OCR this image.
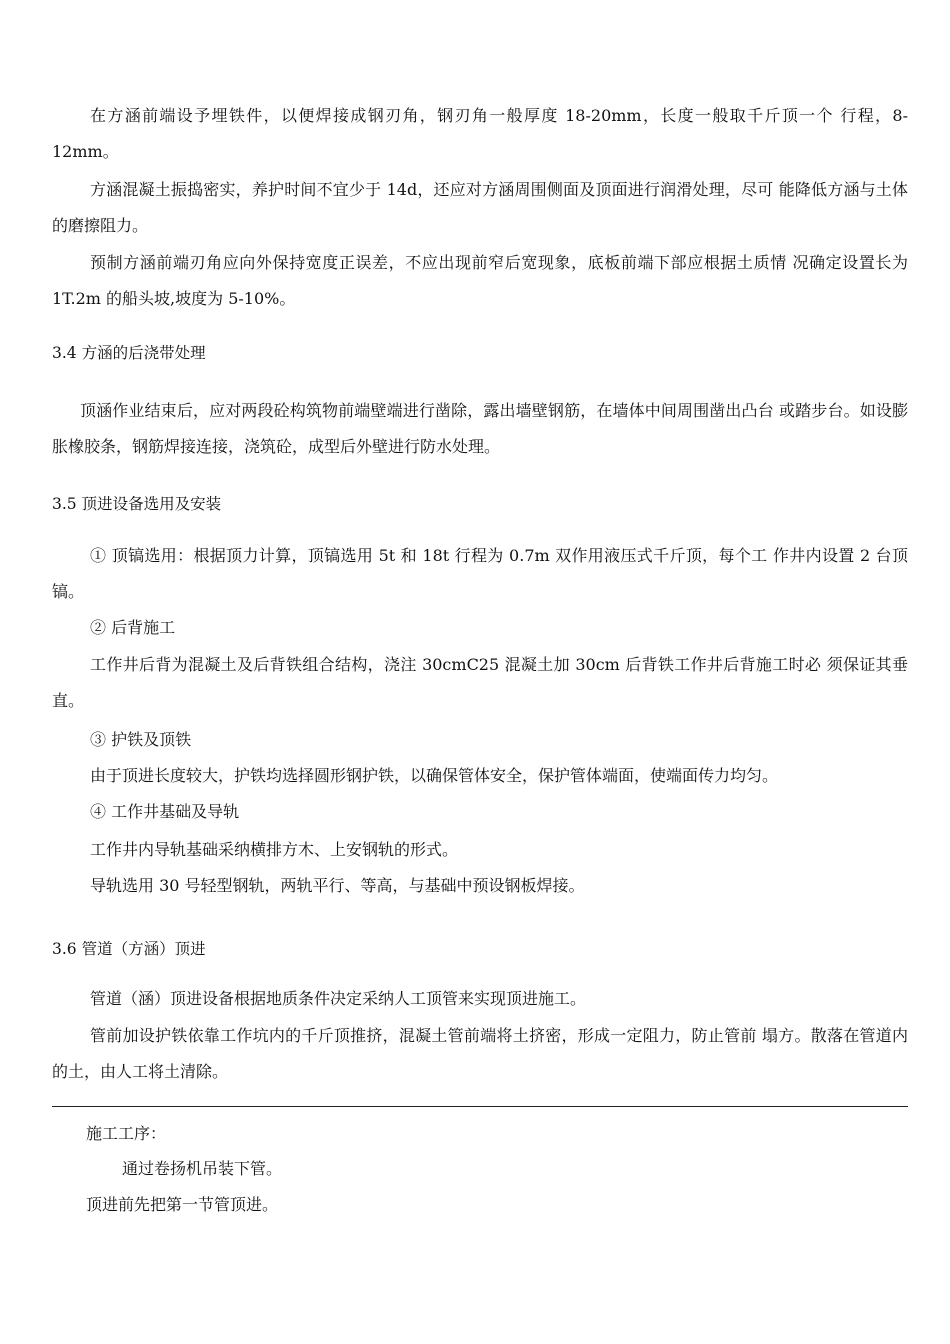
在方涵前端设予埋铁件，以便焊接成钢刃角，钢刃角一般厚度 18-20mm，长度一般取千斤顶一个 行程，8-12mm。

方涵混凝土振捣密实，养护时间不宜少于 14d，还应对方涵周围侧面及顶面进行润滑处理，尽可 能降低方涵与土体的磨擦阻力。

预制方涵前端刃角应向外保持宽度正误差，不应出现前窄后宽现象，底板前端下部应根据土质情 况确定设置长为 1T.2m 的船头坡,坡度为 5-10%。

3.4 方涵的后浇带处理

顶涵作业结束后，应对两段砼构筑物前端壁端进行凿除，露出墙壁钢筋，在墙体中间周围凿出凸台 或踏步台。如设膨胀橡胶条，钢筋焊接连接，浇筑砼，成型后外壁进行防水处理。

3.5 顶进设备选用及安装

① 顶镐选用：根据顶力计算，顶镐选用 5t 和 18t 行程为 0.7m 双作用液压式千斤顶，每个工 作井内设置 2 台顶镐。

② 后背施工

工作井后背为混凝土及后背铁组合结构，浇注 30cmC25 混凝土加 30cm 后背铁工作井后背施工时必 须保证其垂直。

③ 护铁及顶铁

由于顶进长度较大，护铁均选择圆形钢护铁，以确保管体安全，保护管体端面，使端面传力均匀。

④ 工作井基础及导轨

工作井内导轨基础采纳横排方木、上安钢轨的形式。

导轨选用 30 号轻型钢轨，两轨平行、等高，与基础中预设钢板焊接。

3.6 管道（方涵）顶进

管道（涵）顶进设备根据地质条件决定采纳人工顶管来实现顶进施工。

管前加设护铁依靠工作坑内的千斤顶推挤，混凝土管前端将土挤密，形成一定阻力，防止管前 塌方。散落在管道内的土，由人工将土清除。

施工工序：

通过卷扬机吊装下管。

顶进前先把第一节管顶进。
